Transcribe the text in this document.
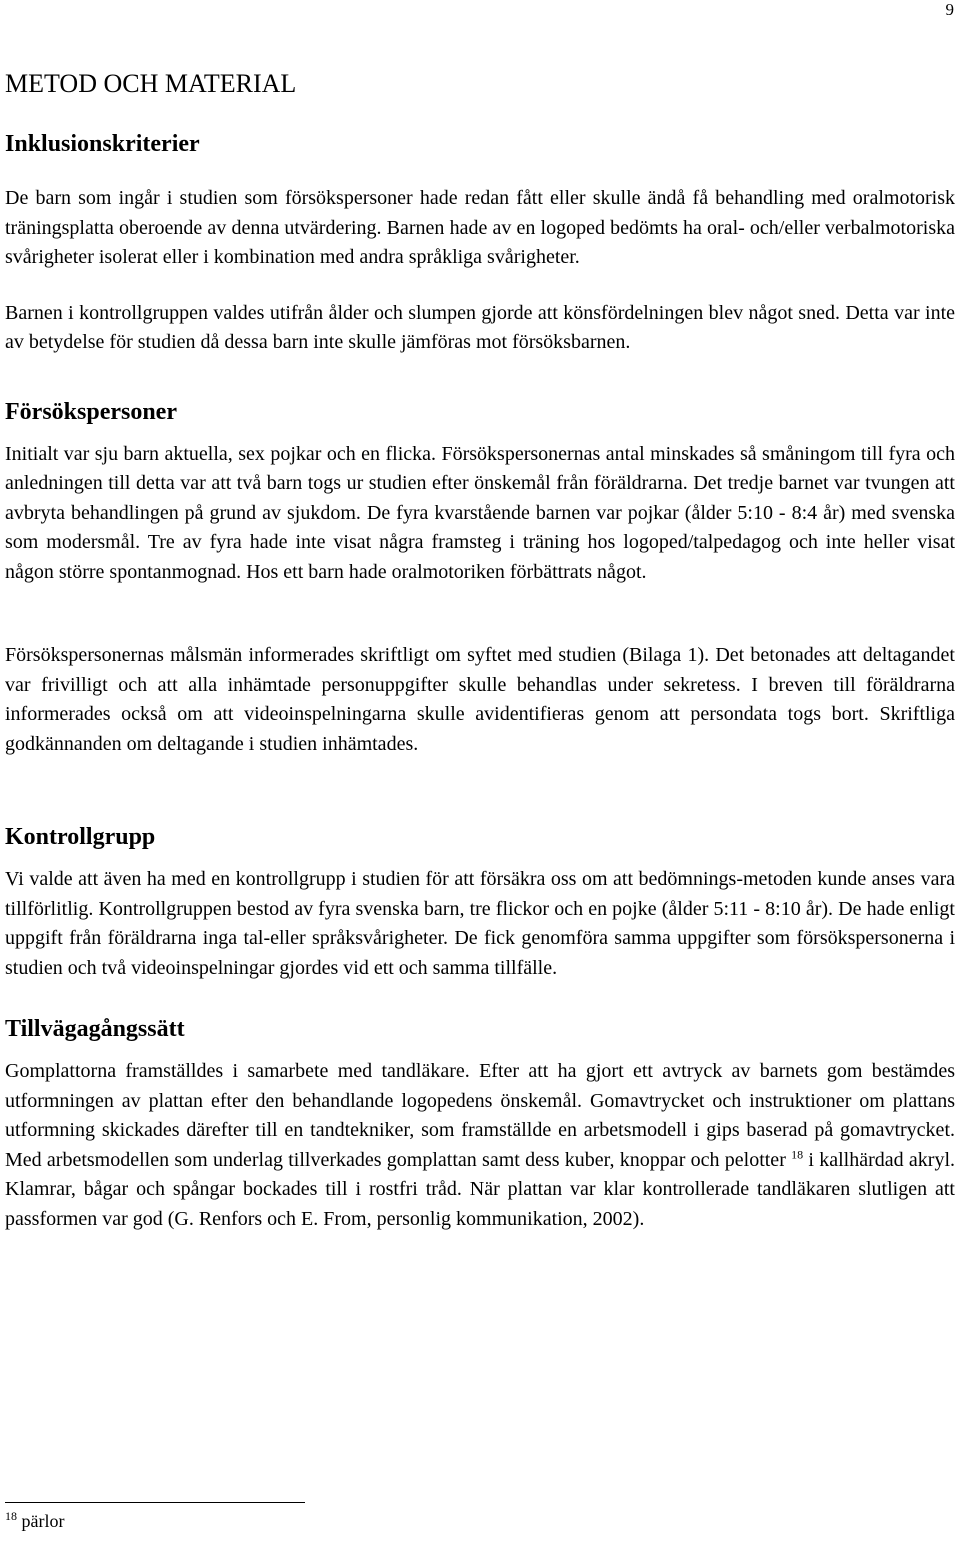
9
METOD OCH MATERIAL
Inklusionskriterier

De barn som ingår i studien som försökspersoner hade redan fått eller skulle ändå få behandling med oralmotorisk träningsplatta oberoende av denna utvärdering. Barnen hade av en logoped bedömts ha oral- och/eller verbalmotoriska svårigheter isolerat eller i kombination med andra språkliga svårigheter.

Barnen i kontrollgruppen valdes utifrån ålder och slumpen gjorde att könsfördelningen blev något sned. Detta var inte av betydelse för studien då dessa barn inte skulle jämföras mot försöksbarnen.

Försökspersoner

Initialt var sju barn aktuella, sex pojkar och en flicka. Försökspersonernas antal minskades så småningom till fyra och anledningen till detta var att två barn togs ur studien efter önskemål från föräldrarna. Det tredje barnet var tvungen att avbryta behandlingen på grund av sjukdom. De fyra kvarstående barnen var pojkar (ålder 5:10 - 8:4 år) med svenska som modersmål. Tre av fyra hade inte visat några framsteg i träning hos logoped/talpedagog och inte heller visat någon större spontanmognad. Hos ett barn hade oralmotoriken förbättrats något.

Försökspersonernas målsmän informerades skriftligt om syftet med studien (Bilaga 1). Det betonades att deltagandet var frivilligt och att alla inhämtade personuppgifter skulle behandlas under sekretess. I breven till föräldrarna informerades också om att videoinspelningarna skulle avidentifieras genom att persondata togs bort. Skriftliga godkännanden om deltagande i studien inhämtades.

Kontrollgrupp

Vi valde att även ha med en kontrollgrupp i studien för att försäkra oss om att bedömnings-metoden kunde anses vara tillförlitlig. Kontrollgruppen bestod av fyra svenska barn, tre flickor och en pojke (ålder 5:11 - 8:10 år). De hade enligt uppgift från föräldrarna inga tal-eller språksvårigheter. De fick genomföra samma uppgifter som försökspersonerna i studien och två videoinspelningar gjordes vid ett och samma tillfälle.

Tillvägagångssätt

Gomplattorna framställdes i samarbete med tandläkare. Efter att ha gjort ett avtryck av barnets gom bestämdes utformningen av plattan efter den behandlande logopedens önskemål. Gomavtrycket och instruktioner om plattans utformning skickades därefter till en tandtekniker, som framställde en arbetsmodell i gips baserad på gomavtrycket. Med arbetsmodellen som underlag tillverkades gomplattan samt dess kuber, knoppar och pelotter $^{18}$ i kallhärdad akryl. Klamrar, bågar och spångar bockades till i rostfri tråd. När plattan var klar kontrollerade tandläkaren slutligen att passformen var god (G. Renfors och E. From, personlig kommunikation, 2002).

$^{18}$ pärlor
